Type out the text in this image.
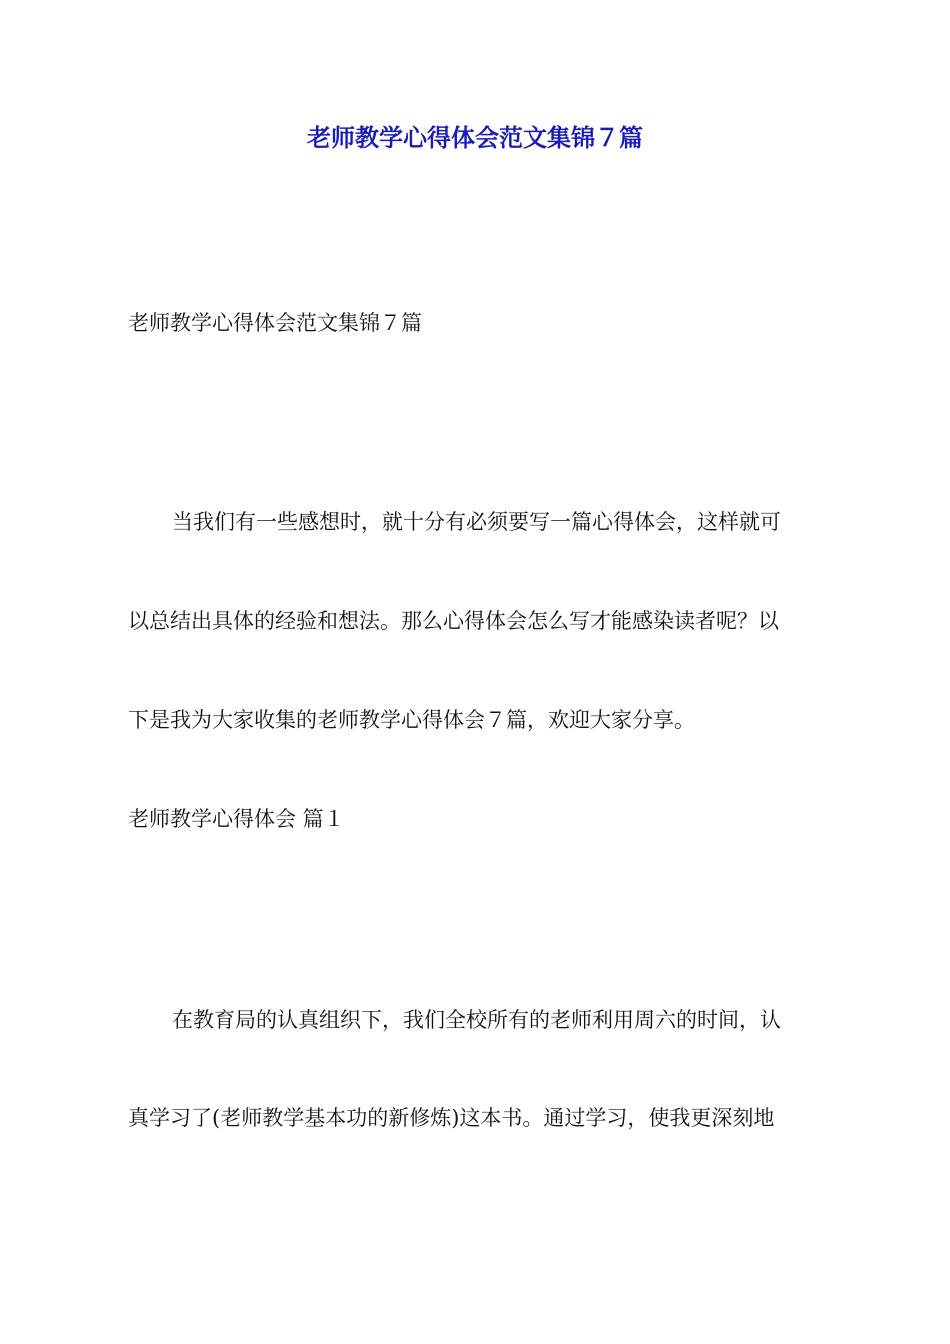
老师教学心得体会范文集锦７篇

老师教学心得体会范文集锦７篇

当我们有一些感想时，就十分有必须要写一篇心得体会，这样就可

以总结出具体的经验和想法。那么心得体会怎么写才能感染读者呢？以

下是我为大家收集的老师教学心得体会７篇，欢迎大家分享。

老师教学心得体会 篇１

在教育局的认真组织下，我们全校所有的老师利用周六的时间，认

真学习了(老师教学基本功的新修炼)这本书。通过学习，使我更深刻地
